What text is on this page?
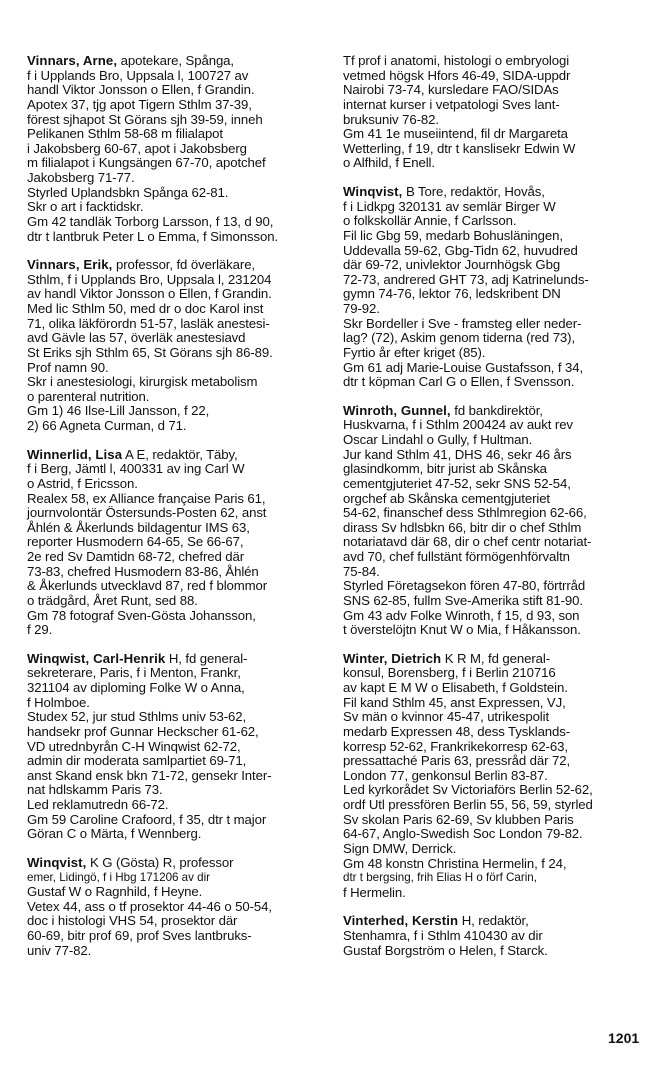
Vinnars, Arne, apotekare, Spånga,
f i Upplands Bro, Uppsala l, 100727 av
handl Viktor Jonsson o Ellen, f Grandin.
Apotex 37, tjg apot Tigern Sthlm 37-39,
förest sjhapot St Görans sjh 39-59, inneh
Pelikanen Sthlm 58-68 m filialapot
i Jakobsberg 60-67, apot i Jakobsberg
m filialapot i Kungsängen 67-70, apotchef
Jakobsberg 71-77.
Styrled Uplandsbkn Spånga 62-81.
Skr o art i facktidskr.
Gm 42 tandläk Torborg Larsson, f 13, d 90,
dtr t lantbruk Peter L o Emma, f Simonsson.
Vinnars, Erik, professor, fd överläkare,
Sthlm, f i Upplands Bro, Uppsala l, 231204
av handl Viktor Jonsson o Ellen, f Grandin.
Med lic Sthlm 50, med dr o doc Karol inst
71, olika läkförordn 51-57, lasläk anestesi-
avd Gävle las 57, överläk anestesiavd
St Eriks sjh Sthlm 65, St Görans sjh 86-89.
Prof namn 90.
Skr i anestesiologi, kirurgisk metabolism
o parenteral nutrition.
Gm 1) 46 Ilse-Lill Jansson, f 22,
2) 66 Agneta Curman, d 71.
Winnerlid, Lisa A E, redaktör, Täby,
f i Berg, Jämtl l, 400331 av ing Carl W
o Astrid, f Ericsson.
Realex 58, ex Alliance française Paris 61,
journvolontär Östersunds-Posten 62, anst
Åhlén & Åkerlunds bildagentur IMS 63,
reporter Husmodern 64-65, Se 66-67,
2e red Sv Damtidn 68-72, chefred där
73-83, chefred Husmodern 83-86, Åhlén
& Åkerlunds utvecklavd 87, red f blommor
o trädgård, Året Runt, sed 88.
Gm 78 fotograf Sven-Gösta Johansson,
f 29.
Winqwist, Carl-Henrik H, fd general-
sekreterare, Paris, f i Menton, Frankr,
321104 av diploming Folke W o Anna,
f Holmboe.
Studex 52, jur stud Sthlms univ 53-62,
handsekr prof Gunnar Heckscher 61-62,
VD utrednbyrån C-H Winqwist 62-72,
admin dir moderata samlpartiet 69-71,
anst Skand ensk bkn 71-72, gensekr Inter-
nat hdlskamm Paris 73.
Led reklamutredn 66-72.
Gm 59 Caroline Crafoord, f 35, dtr t major
Göran C o Märta, f Wennberg.
Winqvist, K G (Gösta) R, professor
emer, Lidingö, f i Hbg 171206 av dir
Gustaf W o Ragnhild, f Heyne.
Vetex 44, ass o tf prosektor 44-46 o 50-54,
doc i histologi VHS 54, prosektor där
60-69, bitr prof 69, prof Sves lantbruks-
univ 77-82.
Tf prof i anatomi, histologi o embryologi
vetmed högsk Hfors 46-49, SIDA-uppdr
Nairobi 73-74, kursledare FAO/SIDAs
internat kurser i vetpatologi Sves lant-
bruksuniv 76-82.
Gm 41 1e museiintend, fil dr Margareta
Wetterling, f 19, dtr t kanslisekr Edwin W
o Alfhild, f Enell.
Winqvist, B Tore, redaktör, Hovås,
f i Lidkpg 320131 av semlär Birger W
o folkskollär Annie, f Carlsson.
Fil lic Gbg 59, medarb Bohusläningen,
Uddevalla 59-62, Gbg-Tidn 62, huvudred
där 69-72, univlektor Journhögsk Gbg
72-73, andrered GHT 73, adj Katrinelunds-
gymn 74-76, lektor 76, ledskribent DN
79-92.
Skr Bordeller i Sve - framsteg eller neder-
lag? (72), Askim genom tiderna (red 73),
Fyrtio år efter kriget (85).
Gm 61 adj Marie-Louise Gustafsson, f 34,
dtr t köpman Carl G o Ellen, f Svensson.
Winroth, Gunnel, fd bankdirektör,
Huskvarna, f i Sthlm 200424 av aukt rev
Oscar Lindahl o Gully, f Hultman.
Jur kand Sthlm 41, DHS 46, sekr 46 års
glasindkomm, bitr jurist ab Skånska
cementgjuteriet 47-52, sekr SNS 52-54,
orgchef ab Skånska cementgjuteriet
54-62, finanschef dess Sthlmregion 62-66,
dirass Sv hdlsbkn 66, bitr dir o chef Sthlm
notariatavd där 68, dir o chef centr notariat-
avd 70, chef fullstänt förmögenhförvaltn
75-84.
Styrled Företagsekon fören 47-80, förtrråd
SNS 62-85, fullm Sve-Amerika stift 81-90.
Gm 43 adv Folke Winroth, f 15, d 93, son
t överstelöjtn Knut W o Mia, f Håkansson.
Winter, Dietrich K R M, fd general-
konsul, Borensberg, f i Berlin 210716
av kapt E M W o Elisabeth, f Goldstein.
Fil kand Sthlm 45, anst Expressen, VJ,
Sv män o kvinnor 45-47, utrikespolit
medarb Expressen 48, dess Tysklands-
korresp 52-62, Frankrikekorresp 62-63,
pressattaché Paris 63, pressråd där 72,
London 77, genkonsul Berlin 83-87.
Led kyrkorådet Sv Victoriaförs Berlin 52-62,
ordf Utl pressfören Berlin 55, 56, 59, styrled
Sv skolan Paris 62-69, Sv klubben Paris
64-67, Anglo-Swedish Soc London 79-82.
Sign DMW, Derrick.
Gm 48 konstn Christina Hermelin, f 24,
dtr t bergsing, frih Elias H o förf Carin,
f Hermelin.
Vinterhed, Kerstin H, redaktör,
Stenhamra, f i Sthlm 410430 av dir
Gustaf Borgström o Helen, f Starck.
1201
